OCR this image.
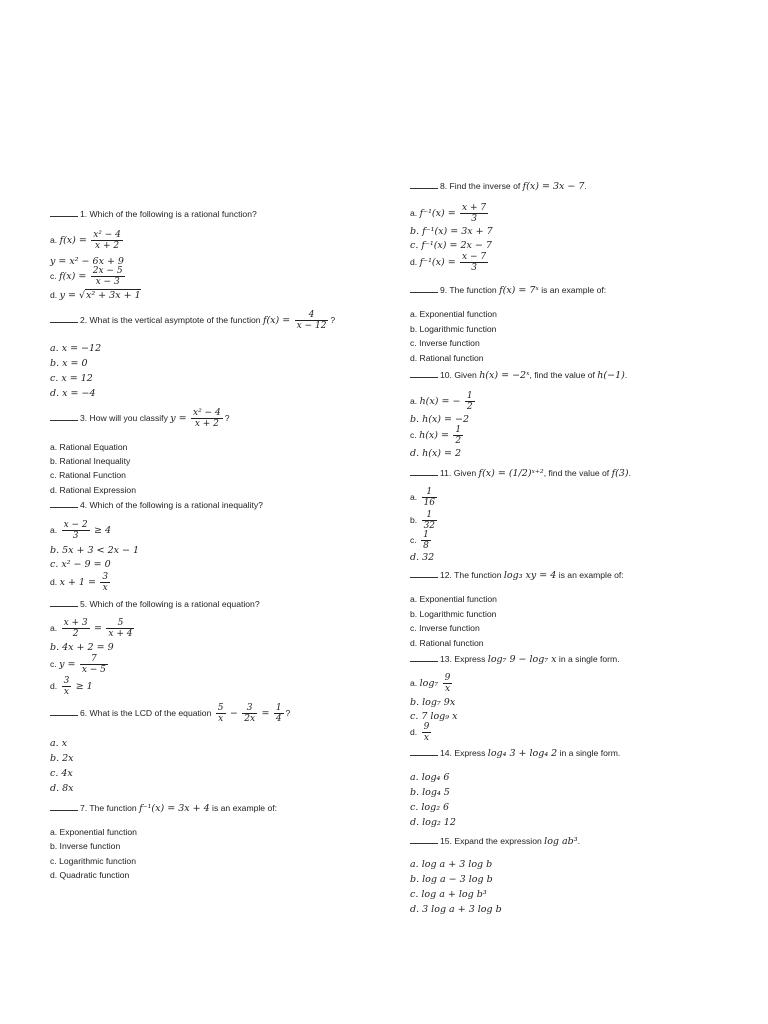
1. Which of the following is a rational function?
a. $f(x) = \frac{\text{x² − 4}}{x + 2}$
y = x² − 6x + 9
c. $f(x) = \frac{2x - 5}{x - 3}$
d. y = √x² + 3x + 1
2. What is the vertical asymptote of the function $f(x) = \frac{4}{x - 12}$ ?
a. x = −12
b. x = 0
c. x = 12
d. x = −4
3. How will you classify $y = \frac{\text{x² − 4}}{x + 2}$ ?
a. Rational Equation
b. Rational Inequality
c. Rational Function
d. Rational Expression
4. Which of the following is a rational inequality?
a. $\frac{x - 2}{3} \ge 4$
b. 5x + 3 < 2x − 1
c. x² − 9 = 0
d. $x + 1 = \frac{3}{x}$
5. Which of the following is a rational equation?
a. $\frac{x + 3}{2} = \frac{5}{x + 4}$
b. 4x + 2 = 9
c. $y = \frac{7}{x - 5}$
d. $\frac{3}{x} \ge 1$
6. What is the LCD of the equation $\frac{5}{x} - \frac{3}{2x} = \frac{1}{4}$ ?
a. x
b. 2x
c. 4x
d. 8x
7. The function f⁻¹(x) = 3x + 4 is an example of:
a. Exponential function
b. Inverse function
c. Logarithmic function
d. Quadratic function
8. Find the inverse of f(x) = 3x − 7.
a. $f^{-1}(x) = \frac{x + 7}{3}$
b. f⁻¹(x) = 3x + 7
c. f⁻¹(x) = 2x − 7
d. $f^{-1}(x) = \frac{x - 7}{3}$
9. The function f(x) = 7ˣ is an example of:
a. Exponential function
b. Logarithmic function
c. Inverse function
d. Rational function
10. Given h(x) = −2ˣ, find the value of h(−1).
a. h(x) = − $\frac{1}{2}$
b. h(x) = −2
c. $h(x) = \frac{1}{2}$
d. h(x) = 2
11. Given f(x) = (1/2)ˣ⁺², find the value of f(3).
a. $\frac{1}{16}$
b. $\frac{1}{32}$
c. $\frac{1}{8}$
d. 32
12. The function log₃ xy = 4 is an example of:
a. Exponential function
b. Logarithmic function
c. Inverse function
d. Rational function
13. Express log₇ 9 − log₇ x in a single form.
a. $\log_7 \frac{9}{x}$
b. log₇ 9x
c. 7 log₉ x
d. $\frac{9}{x}$
14. Express log₄ 3 + log₄ 2 in a single form.
a. log₄ 6
b. log₄ 5
c. log₂ 6
d. log₂ 12
15. Expand the expression log ab³.
a. log a + 3 log b
b. log a − 3 log b
c. log a + log b³
d. 3 log a + 3 log b
